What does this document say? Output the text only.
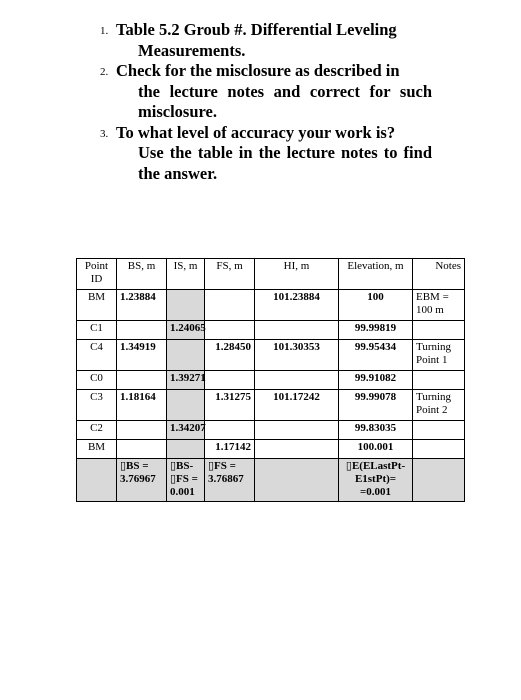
1. Table 5.2 Groub #. Differential Leveling
Measurements.
2. Check for the misclosure as described in
the lecture notes and correct for such misclosure.
3. To what level of accuracy your work is?
Use the table in the lecture notes to find the answer.
Point ID	BS, m	IS, m	FS, m	HI, m	Elevation, m	Notes
BM	1.23884			101.23884	100	EBM = 100 m
C1		1.24065			99.99819	
C4	1.34919		1.28450	101.30353	99.95434	Turning Point 1
C0		1.39271			99.91082	
C3	1.18164		1.31275	101.17242	99.99078	Turning Point 2
C2		1.34207			99.83035	
BM			1.17142		100.001	
	▯BS = 3.76967	▯BS- ▯FS = 0.001	▯FS = 3.76867		▯E(ELastPt- E1stPt)= =0.001	
